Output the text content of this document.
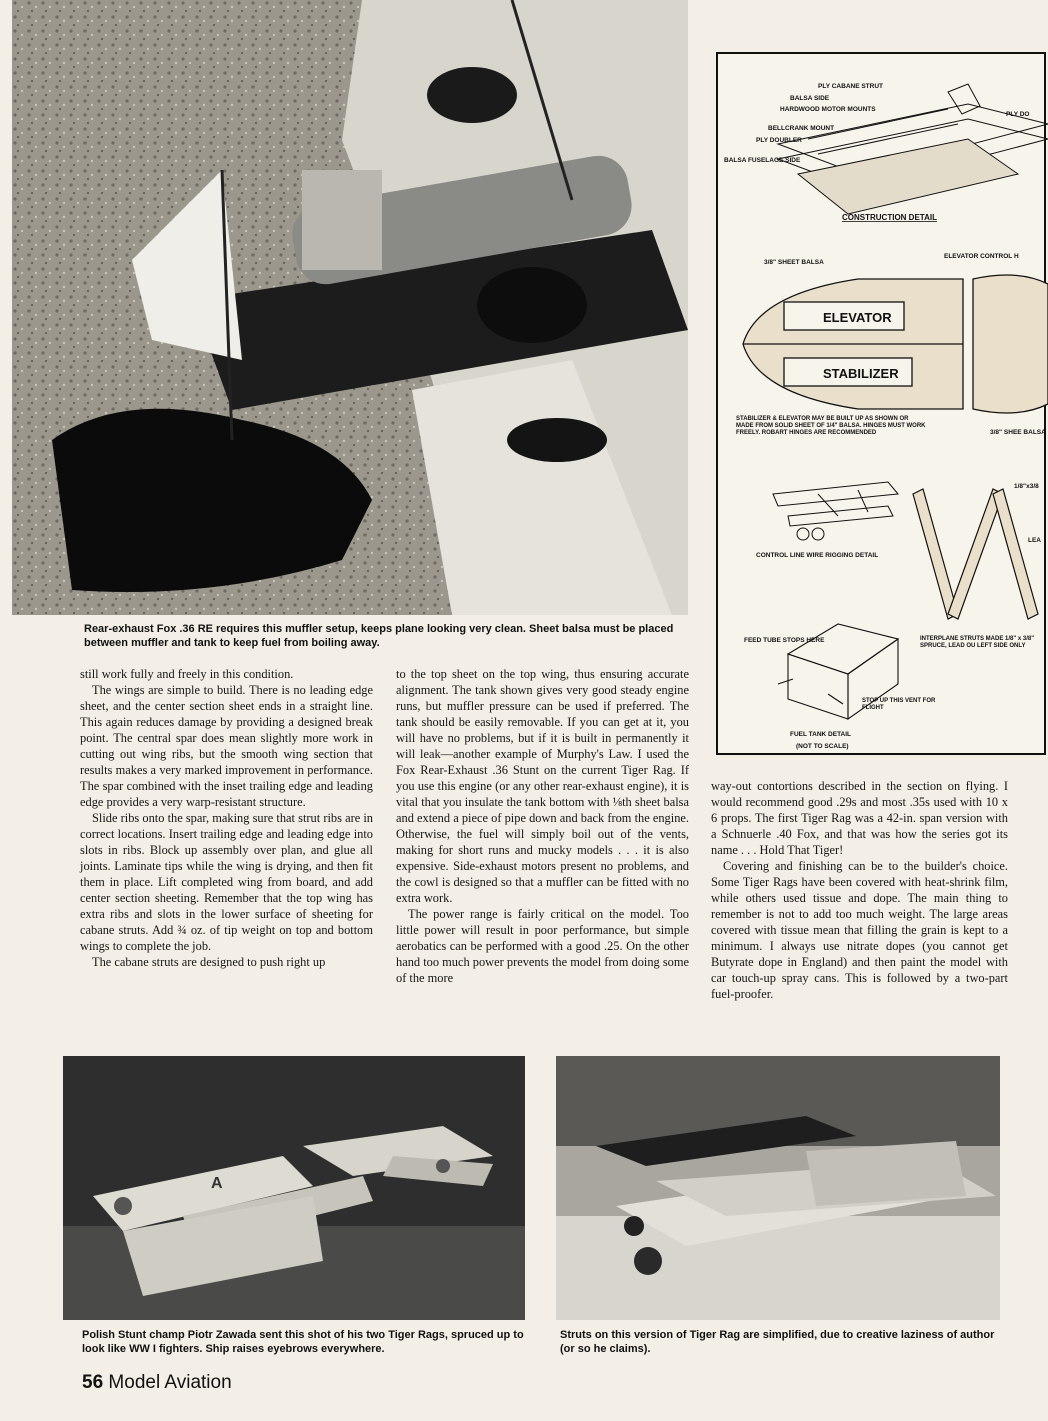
Rear-exhaust Fox .36 RE requires this muffler setup, keeps plane looking very clean. Sheet balsa must be placed between muffler and tank to keep fuel from boiling away.
PLY CABANE STRUT
BALSA SIDE
HARDWOOD MOTOR MOUNTS
BELLCRANK MOUNT
PLY DOUBLER
BALSA FUSELAGE SIDE
PLY DO
CONSTRUCTION DETAIL
3/8" SHEET BALSA
ELEVATOR CONTROL H
ELEVATOR
STABILIZER
STABILIZER & ELEVATOR MAY BE BUILT UP AS SHOWN OR MADE FROM SOLID SHEET OF 1/4" BALSA. HINGES MUST WORK FREELY. ROBART HINGES ARE RECOMMENDED	3/8" SHEE BALSA
CONTROL LINE WIRE RIGGING DETAIL
1/8"x3/8
LEA
FEED TUBE STOPS HERE	INTERPLANE STRUTS MADE 1/8" x 3/8" SPRUCE, LEAD OU LEFT SIDE ONLY
STOP UP THIS VENT FOR FLIGHT
FUEL TANK DETAIL
(NOT TO SCALE)

still work fully and freely in this condition.

The wings are simple to build. There is no leading edge sheet, and the center section sheet ends in a straight line. This again reduces damage by providing a designed break point. The central spar does mean slightly more work in cutting out wing ribs, but the smooth wing section that results makes a very marked improvement in performance. The spar combined with the inset trailing edge and leading edge provides a very warp-resistant structure.

Slide ribs onto the spar, making sure that strut ribs are in correct locations. Insert trailing edge and leading edge into slots in ribs. Block up assembly over plan, and glue all joints. Laminate tips while the wing is drying, and then fit them in place. Lift completed wing from board, and add center section sheeting. Remember that the top wing has extra ribs and slots in the lower surface of sheeting for cabane struts. Add ¾ oz. of tip weight on top and bottom wings to complete the job.

The cabane struts are designed to push right up

to the top sheet on the top wing, thus ensuring accurate alignment. The tank shown gives very good steady engine runs, but muffler pressure can be used if preferred. The tank should be easily removable. If you can get at it, you will have no problems, but if it is built in permanently it will leak—another example of Murphy's Law. I used the Fox Rear-Exhaust .36 Stunt on the current Tiger Rag. If you use this engine (or any other rear-exhaust engine), it is vital that you insulate the tank bottom with ⅛th sheet balsa and extend a piece of pipe down and back from the engine. Otherwise, the fuel will simply boil out of the vents, making for short runs and mucky models . . . it is also expensive. Side-exhaust motors present no problems, and the cowl is designed so that a muffler can be fitted with no extra work.

The power range is fairly critical on the model. Too little power will result in poor performance, but simple aerobatics can be performed with a good .25. On the other hand too much power prevents the model from doing some of the more

way-out contortions described in the section on flying. I would recommend good .29s and most .35s used with 10 x 6 props. The first Tiger Rag was a 42-in. span version with a Schnuerle .40 Fox, and that was how the series got its name . . . Hold That Tiger!

Covering and finishing can be to the builder's choice. Some Tiger Rags have been covered with heat-shrink film, while others used tissue and dope. The main thing to remember is not to add too much weight. The large areas covered with tissue mean that filling the grain is kept to a minimum. I always use nitrate dopes (you cannot get Butyrate dope in England) and then paint the model with car touch-up spray cans. This is followed by a two-part fuel-proofer.

A
Polish Stunt champ Piotr Zawada sent this shot of his two Tiger Rags, spruced up to look like WW I fighters. Ship raises eyebrows everywhere.
Struts on this version of Tiger Rag are simplified, due to creative laziness of author (or so he claims).
56 Model Aviation
